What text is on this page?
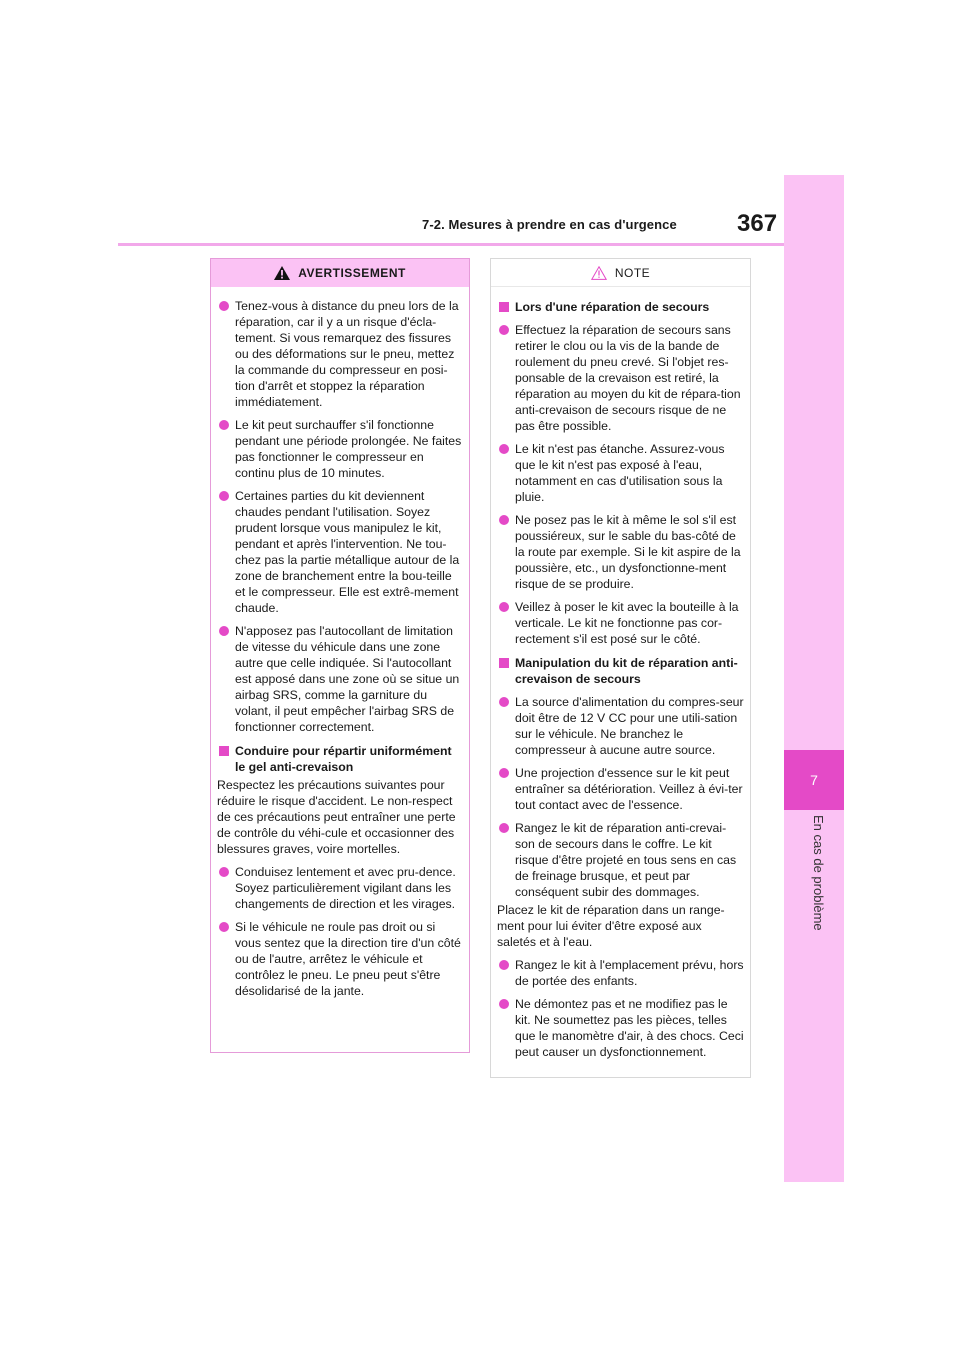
7-2. Mesures à prendre en cas d'urgence	367
7
En cas de problème
AVERTISSEMENT
Tenez-vous à distance du pneu lors de la réparation, car il y a un risque d'écla-tement. Si vous remarquez des fissures ou des déformations sur le pneu, mettez la commande du compresseur en posi-tion d'arrêt et stoppez la réparation immédiatement.
Le kit peut surchauffer s'il fonctionne pendant une période prolongée. Ne faites pas fonctionner le compresseur en continu plus de 10 minutes.
Certaines parties du kit deviennent chaudes pendant l'utilisation. Soyez prudent lorsque vous manipulez le kit, pendant et après l'intervention. Ne tou-chez pas la partie métallique autour de la zone de branchement entre la bou-teille et le compresseur. Elle est extrê-mement chaude.
N'apposez pas l'autocollant de limitation de vitesse du véhicule dans une zone autre que celle indiquée. Si l'autocollant est apposé dans une zone où se situe un airbag SRS, comme la garniture du volant, il peut empêcher l'airbag SRS de fonctionner correctement.
Conduire pour répartir uniformément le gel anti-crevaison
Respectez les précautions suivantes pour réduire le risque d'accident. Le non-respect de ces précautions peut entraîner une perte de contrôle du véhi-cule et occasionner des blessures graves, voire mortelles.
Conduisez lentement et avec pru-dence. Soyez particulièrement vigilant dans les changements de direction et les virages.
Si le véhicule ne roule pas droit ou si vous sentez que la direction tire d'un côté ou de l'autre, arrêtez le véhicule et contrôlez le pneu. Le pneu peut s'être désolidarisé de la jante.
NOTE
Lors d'une réparation de secours
Effectuez la réparation de secours sans retirer le clou ou la vis de la bande de roulement du pneu crevé. Si l'objet res-ponsable de la crevaison est retiré, la réparation au moyen du kit de répara-tion anti-crevaison de secours risque de ne pas être possible.
Le kit n'est pas étanche. Assurez-vous que le kit n'est pas exposé à l'eau, notamment en cas d'utilisation sous la pluie.
Ne posez pas le kit à même le sol s'il est poussiéreux, sur le sable du bas-côté de la route par exemple. Si le kit aspire de la poussière, etc., un dysfonctionne-ment risque de se produire.
Veillez à poser le kit avec la bouteille à la verticale. Le kit ne fonctionne pas cor-rectement s'il est posé sur le côté.
Manipulation du kit de réparation anti-crevaison de secours
La source d'alimentation du compres-seur doit être de 12 V CC pour une utili-sation sur le véhicule. Ne branchez le compresseur à aucune autre source.
Une projection d'essence sur le kit peut entraîner sa détérioration. Veillez à évi-ter tout contact avec de l'essence.
Rangez le kit de réparation anti-crevai-son de secours dans le coffre. Le kit risque d'être projeté en tous sens en cas de freinage brusque, et peut par conséquent subir des dommages.
Placez le kit de réparation dans un range-ment pour lui éviter d'être exposé aux saletés et à l'eau.
Rangez le kit à l'emplacement prévu, hors de portée des enfants.
Ne démontez pas et ne modifiez pas le kit. Ne soumettez pas les pièces, telles que le manomètre d'air, à des chocs. Ceci peut causer un dysfonctionnement.
